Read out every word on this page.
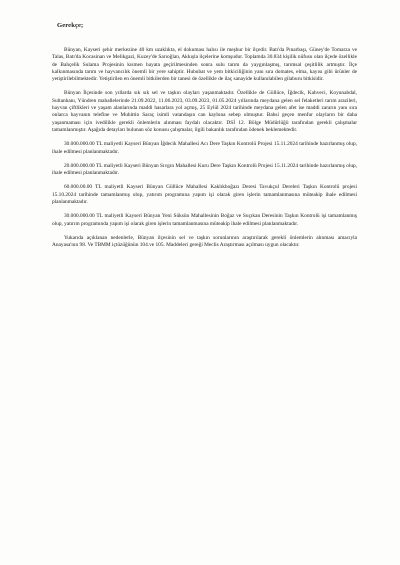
Gerekçe;

Bünyan, Kayseri şehir merkezine 40 km uzaklıkta, el dokuması halısı ile meşhur bir ilçedir. Batı'da Pınarbaşı, Güney'de Tomarza ve Talas, Batı'da Kocasinan ve Melikgazi, Kuzey'de Sarıoğlan, Akkışla ilçelerine komşudur. Toplamda 30.834 kişilik nüfusu olan ilçede özellikle de Bahçelik Sulama Projesinin kısmen hayata geçirilmesinden sonra sulu tarım da yaygınlaşmış, tarımsal çeşitlilik artmıştır. İlçe kalkınmasında tarım ve hayvancılık önemli bir yere sahiptir. Hububat ve yem bitkiciliğinin yanı sıra domates, elma, kayısı gibi ürünler de yetiştirilebilmektedir. Yetiştirilen en önemli bitkilerden bir tanesi de özellikle de ilaç sanayide kullanılabilen gilaburu bitkisidir.

Bünyan İlçesinde son yıllarda sık sık sel ve taşkın olayları yaşanmaktadır. Özellikle de Güllüce, İğdecik, Kahveci, Koyunabdal, Sultanhanı, Yündren mahallelerinde 21.09.2022, 11.06.2023, 03.09.2023, 01.05.2024 yıllarında meydana gelen sel felaketleri tarım arazileri, hayvan çiftlikleri ve yaşam alanlarında maddi hasarlara yol açmış, 25 Eylül 2024 tarihinde meydana gelen afet ise maddi zararın yanı sıra onlarca hayvanın telefine ve Muhittin Saraç isimli vatandaşın can kaybına sebep olmuştur. Bahsi geçen menfur olayların bir daha yaşanmaması için ivedilikle gerekli önlemlerin alınması faydalı olacaktır. DSİ 12. Bölge Müdürlüğü tarafından gerekli çalışmalar tamamlanmıştır. Aşağıda detayları bulunan söz konusu çalışmalar, ilgili bakanlık tarafından ödenek beklemektedir.

30.000.000.00 TL maliyetli Kayseri Bünyan İğdecik Mahallesi Acı Dere Taşkın Kontrolü Projesi 15.11.2024 tarihinde hazırlanmış olup, ihale edilmesi planlanmaktadır.

20.000.000.00 TL maliyetli Kayseri Bünyan Sıvgın Mahallesi Kuru Dere Taşkın Kontrolü Projesi 15.11.2024 tarihinde hazırlanmış olup, ihale edilmesi planlanmaktadır.

60.000.00.00 TL maliyetli Kayseri Bünyan Güllüce Mahallesi Kaklıkboğazı Deresi Tavukçul Dereleri Taşkın Kontrolü projesi 15.10.2024 tarihinde tamamlanmış olup, yatırım programına yapım işi olarak giren işlerin tamamlanmasına müteakip ihale edilmesi planlanmaktadır.

30.000.000.00 TL maliyetli Kayseri Bünyan Yeni Süksün Mahallesinin Boğaz ve Suçıkan Deresinin Taşkın Kontrolü işi tamamlanmış olup, yatırım programında yapım işi olarak giren işlerin tamamlanmasına müteakip ihale edilmesi planlanmaktadır.

Yukarıda açıklanan nedenlerle, Bünyan ilçesinin sel ve taşkın sorunlarının araştırılarak gerekli önlemlerin alınması amacıyla Anayasa'nın 98. Ve TBMM içtüzüğünün 104.ve 105. Maddeleri gereği Meclis Araştırması açılması uygun olacaktır.
